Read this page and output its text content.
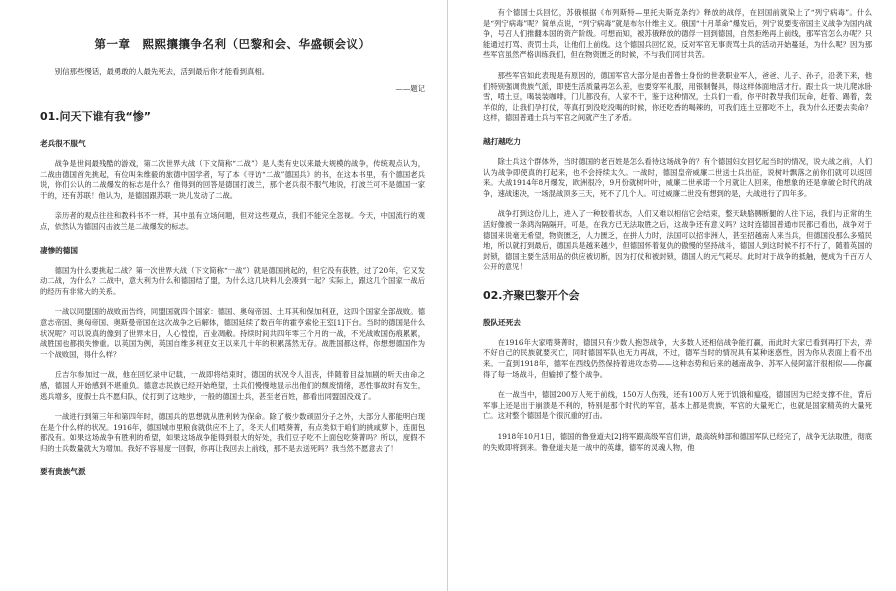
第一章　熙熙攘攘争名利（巴黎和会、华盛顿会议）

别信那些慢话，最勇敢的人最先死去，活到最后你才能看到真相。

——题记

01.问天下谁有我“惨”
老兵很不服气

战争是世间最残酷的游戏，第二次世界大战（下文简称“二战”）是人类有史以来最大规模的战争，传统观点认为，二战由德国首先挑起，有位叫朱维毅的旅德中国学者，写了本《寻访“二战”德国兵》的书，在这本书里，有个德国老兵说，你们公认的二战爆发的标志是什么？他得到的回答是德国打波兰，那个老兵很不服气地说，打波兰可不是德国一家干的，还有苏联！他认为，是德国跟苏联一块儿发动了二战。

亲历者的观点往往和教科书不一样，其中虽有立场问题，但对这些观点，我们不能完全忽视。今天，中国流行的观点，依然认为德国闪击波兰是二战爆发的标志。

凄惨的德国

德国为什么要挑起二战？第一次世界大战（下文简称“一战”）就是德国挑起的，但它没有获胜，过了20年，它又发动二战，为什么？二战中，意大利为什么和德国结了盟，为什么这几块料儿会凑到一起？实际上，跟这几个国家一战后的经历有非常大的关系。

一战以同盟国的战败而告终，同盟国就四个国家：德国、奥匈帝国、土耳其和保加利亚，这四个国家全部战败。德意志帝国、奥匈帝国、奥斯曼帝国在这次战争之后解体，德国延续了数百年的霍亨索伦王室[1]下台。当时的德国是什么状况呢？可以说真的像到了世界末日，人心惶惶，百业凋敝。持续时间共四年零三个月的一战，不光战败国伤痕累累，战胜国也都损失惨重。以英国为例，英国自维多利亚女王以来几十年的积累荡然无存。战胜国都这样，你想想德国作为一个战败国，得什么样？

丘吉尔参加过一战，他在回忆录中记载，一战即将结束时，德国的状况令人沮丧，伴随着目益加剧的听天由命之感，德国人开始感到不堪重负。德意志民族已经开始绝望，士兵们慢慢地显示出他们的颓废情绪，恶性事故时有发生，逃兵增多，度假士兵不愿归队，仗打到了这地步，一般的德国士兵，甚至老百姓，都看出同盟国没戏了。

一战进行到第三年和第四年时，德国兵的思想就从胜利转为保命。除了极少数顽固分子之外，大部分人都能明白现在是个什么样的状况。1916年，德国城市里粮食就供应不上了，冬天人们啃葵菁，有点类似于咱们的挑咸萝卜，连面包都没有。如果这场战争有胜利的希望，如果这场战争能得到很大的好处，我们豆子吃不上面包吃葵菁吗？所以，度假不归的士兵数量就大为增加。我好不容易度一回假，你再让我回去上前线，那不是去送死吗？我当然不愿意去了！

要有贵族气派

有个德国士兵回忆，苏俄根据《布列斯特—里托夫斯克条约》释放的战俘，在回国前就染上了“列宁病毒”。什么是“列宁病毒”呢？简单点说，“列宁病毒”就是布尔什维主义。俄国“十月革命”爆发后，列宁说要变帝国主义战争为国内战争，号召人们推翻本国的资产阶级。可想而知，被苏俄释放的德俘一回到德国，自然拒绝再上前线，那军官怎么办呢？只能通过打骂、责罚士兵，让他们上前线。这个德国兵回忆说，反对军官无事责骂士兵的活动开始蔓延，为什么呢？因为那些军官虽然严格训练我们，但在物资匮乏的时候，不与我们同甘共苦。

那些军官如此表现是有原因的，德国军官大部分是由普鲁士身份的世袭职业军人，爸爸、儿子、孙子，沿袭下来，他们特别强调贵族气派，即使生活质量再怎么差，也要穿军礼服，用银制餐具，得这样体面地活才行。跟士兵一块儿爬冰卧雪，啃土豆，喝装装咖啡，门儿都没有，人家不干，鉴于这种情况，士兵们一看，你平时教导我们玩命，赶着、踢着，轰羊似的，让我们孕打仗，等真打到没吃没喝的时候，你还吃香的喝辣的，可我们连土豆都吃不上，我为什么还要去卖命？这样，德国普通士兵与军官之间就产生了矛盾。

越打越吃力

除士兵这个群体外，当时德国的老百姓是怎么看待这场战争的？有个德国妇女回忆起当时的情况，说大战之前，人们认为战争即使真的打起来，也不会持续太久。一战时，德国皇帝威廉二世送士兵出征，说树叶飘落之前你们就可以返回来。大战1914年8月爆发，欧洲很冷，9月份就树叶叶，威廉二世承诺一个月就让人回来，他想象的还是拿破仑时代的战争，速战速决，一场混战顶多三天，死不了几个人。可过威廉二世没有想到的是，大战进行了四年多。

战争打到这份儿上，进入了一种胶着状态，人们又难以相信它会结束，整天缺胳膊断腿的人往下运，我们与正常的生活好像被一条鸿沟隔隔开，可是，在我方已无法取胜之后，这战争还有意义吗？这时连德国普通市民都已看出，战争对于德国来说毫无希望，物资匮乏，人力匮乏，在拼人力时，法国可以招非洲人，甚至招越南人来当兵，但德国没那么多殖民地，所以就打到最后，德国兵是越来越少，但德国怀着复仇的傲慢的坚持战斗，德国人到这时候不打不行了，随着英国的封锁，德国主要生活用品的供应被切断，因为打仗和被封锁，德国人的元气耗尽。此时对于战争的抵触，便成为千百万人公开的意见！

02.齐聚巴黎开个会
殷队还死去

在1916年大家啃葵菁时，德国只有少数人抱怨战争，大多数人还相信战争能打赢，而此时大家已看到再打下去，弄不好自己的民族就要灭亡，同时德国军队也无力再战，不过，德军当时的情况具有某种迷惑性，因为你从表面上看不出来。一直到1918年，德军在西线仍然保持着进攻态势——这种态势和后来的越南战争、苏军入侵阿富汗很相似——你赢得了每一场战斗，但输掉了整个战争。

在一战当中，德国200万人死于前线，150万人伤残，还有100万人死于饥饿和瘟疫，德国因为已经支撑不住，背后军事上还是出于崩溃是不利的，特别是那个时代的军官，基本上都是贵族，军官的大量死亡，也就是国家精英的大量死亡。这对整个德国是个很沉重的打击。

1918年10月1日，德国的鲁登道夫[2]将军跟高级军官们讲，最高统帅部和德国军队已经完了，战争无法取胜，彻底的失败即将到来。鲁登道夫是一战中的英雄，德军的灵魂人物，他
